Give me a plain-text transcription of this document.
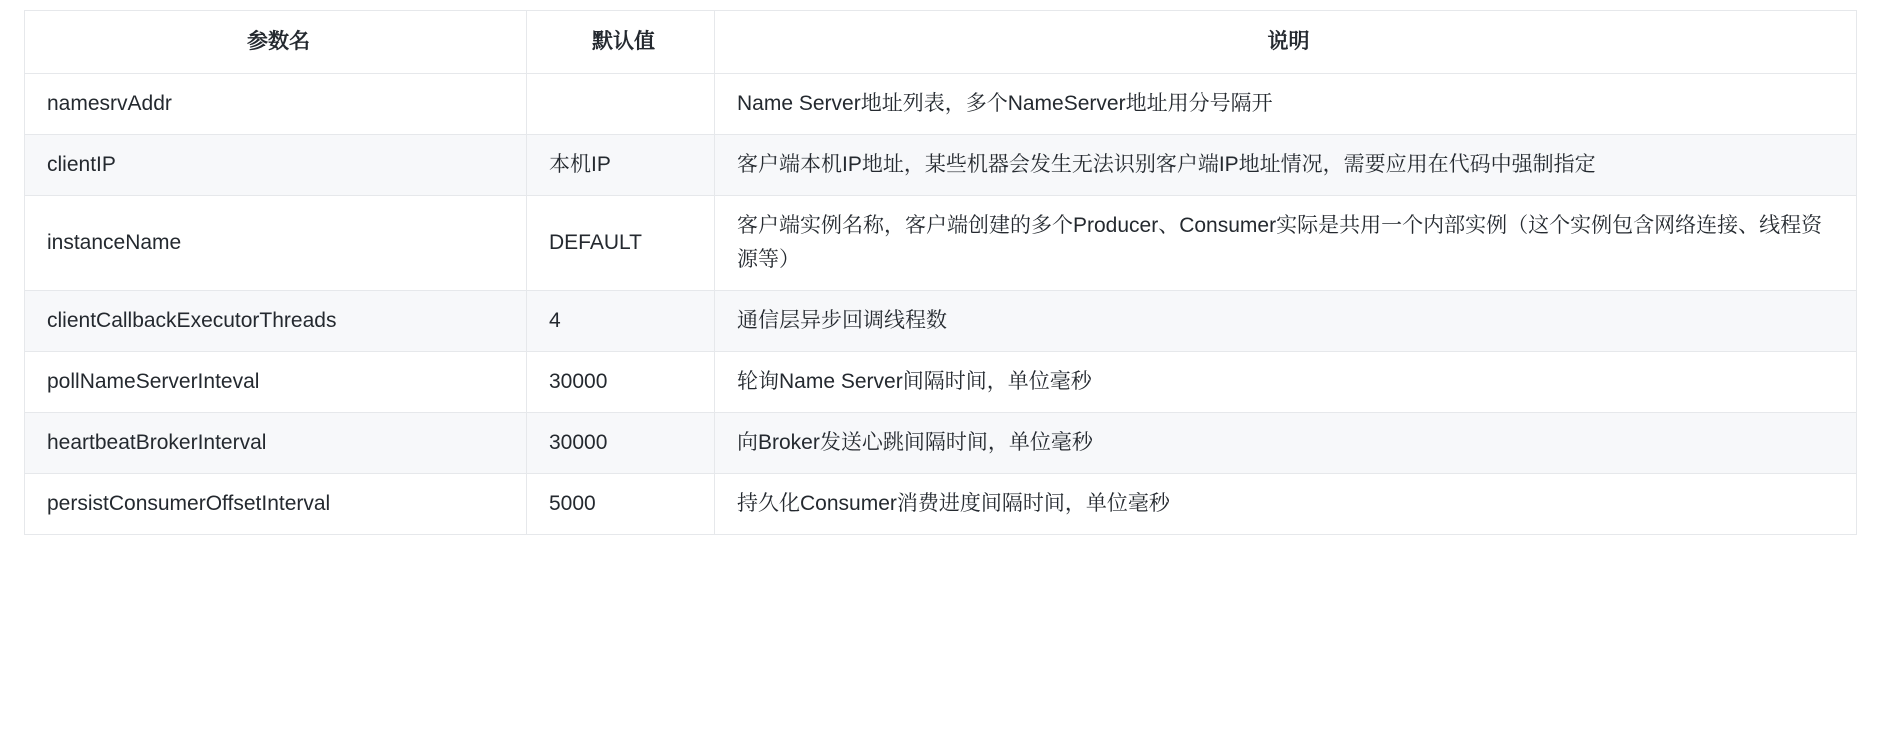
参数名	默认值	说明
namesrvAddr		Name Server地址列表，多个NameServer地址用分号隔开
clientIP	本机IP	客户端本机IP地址，某些机器会发生无法识别客户端IP地址情况，需要应用在代码中强制指定
instanceName	DEFAULT	客户端实例名称，客户端创建的多个Producer、Consumer实际是共用一个内部实例（这个实例包含网络连接、线程资源等）
clientCallbackExecutorThreads	4	通信层异步回调线程数
pollNameServerInteval	30000	轮询Name Server间隔时间，单位毫秒
heartbeatBrokerInterval	30000	向Broker发送心跳间隔时间，单位毫秒
persistConsumerOffsetInterval	5000	持久化Consumer消费进度间隔时间，单位毫秒
